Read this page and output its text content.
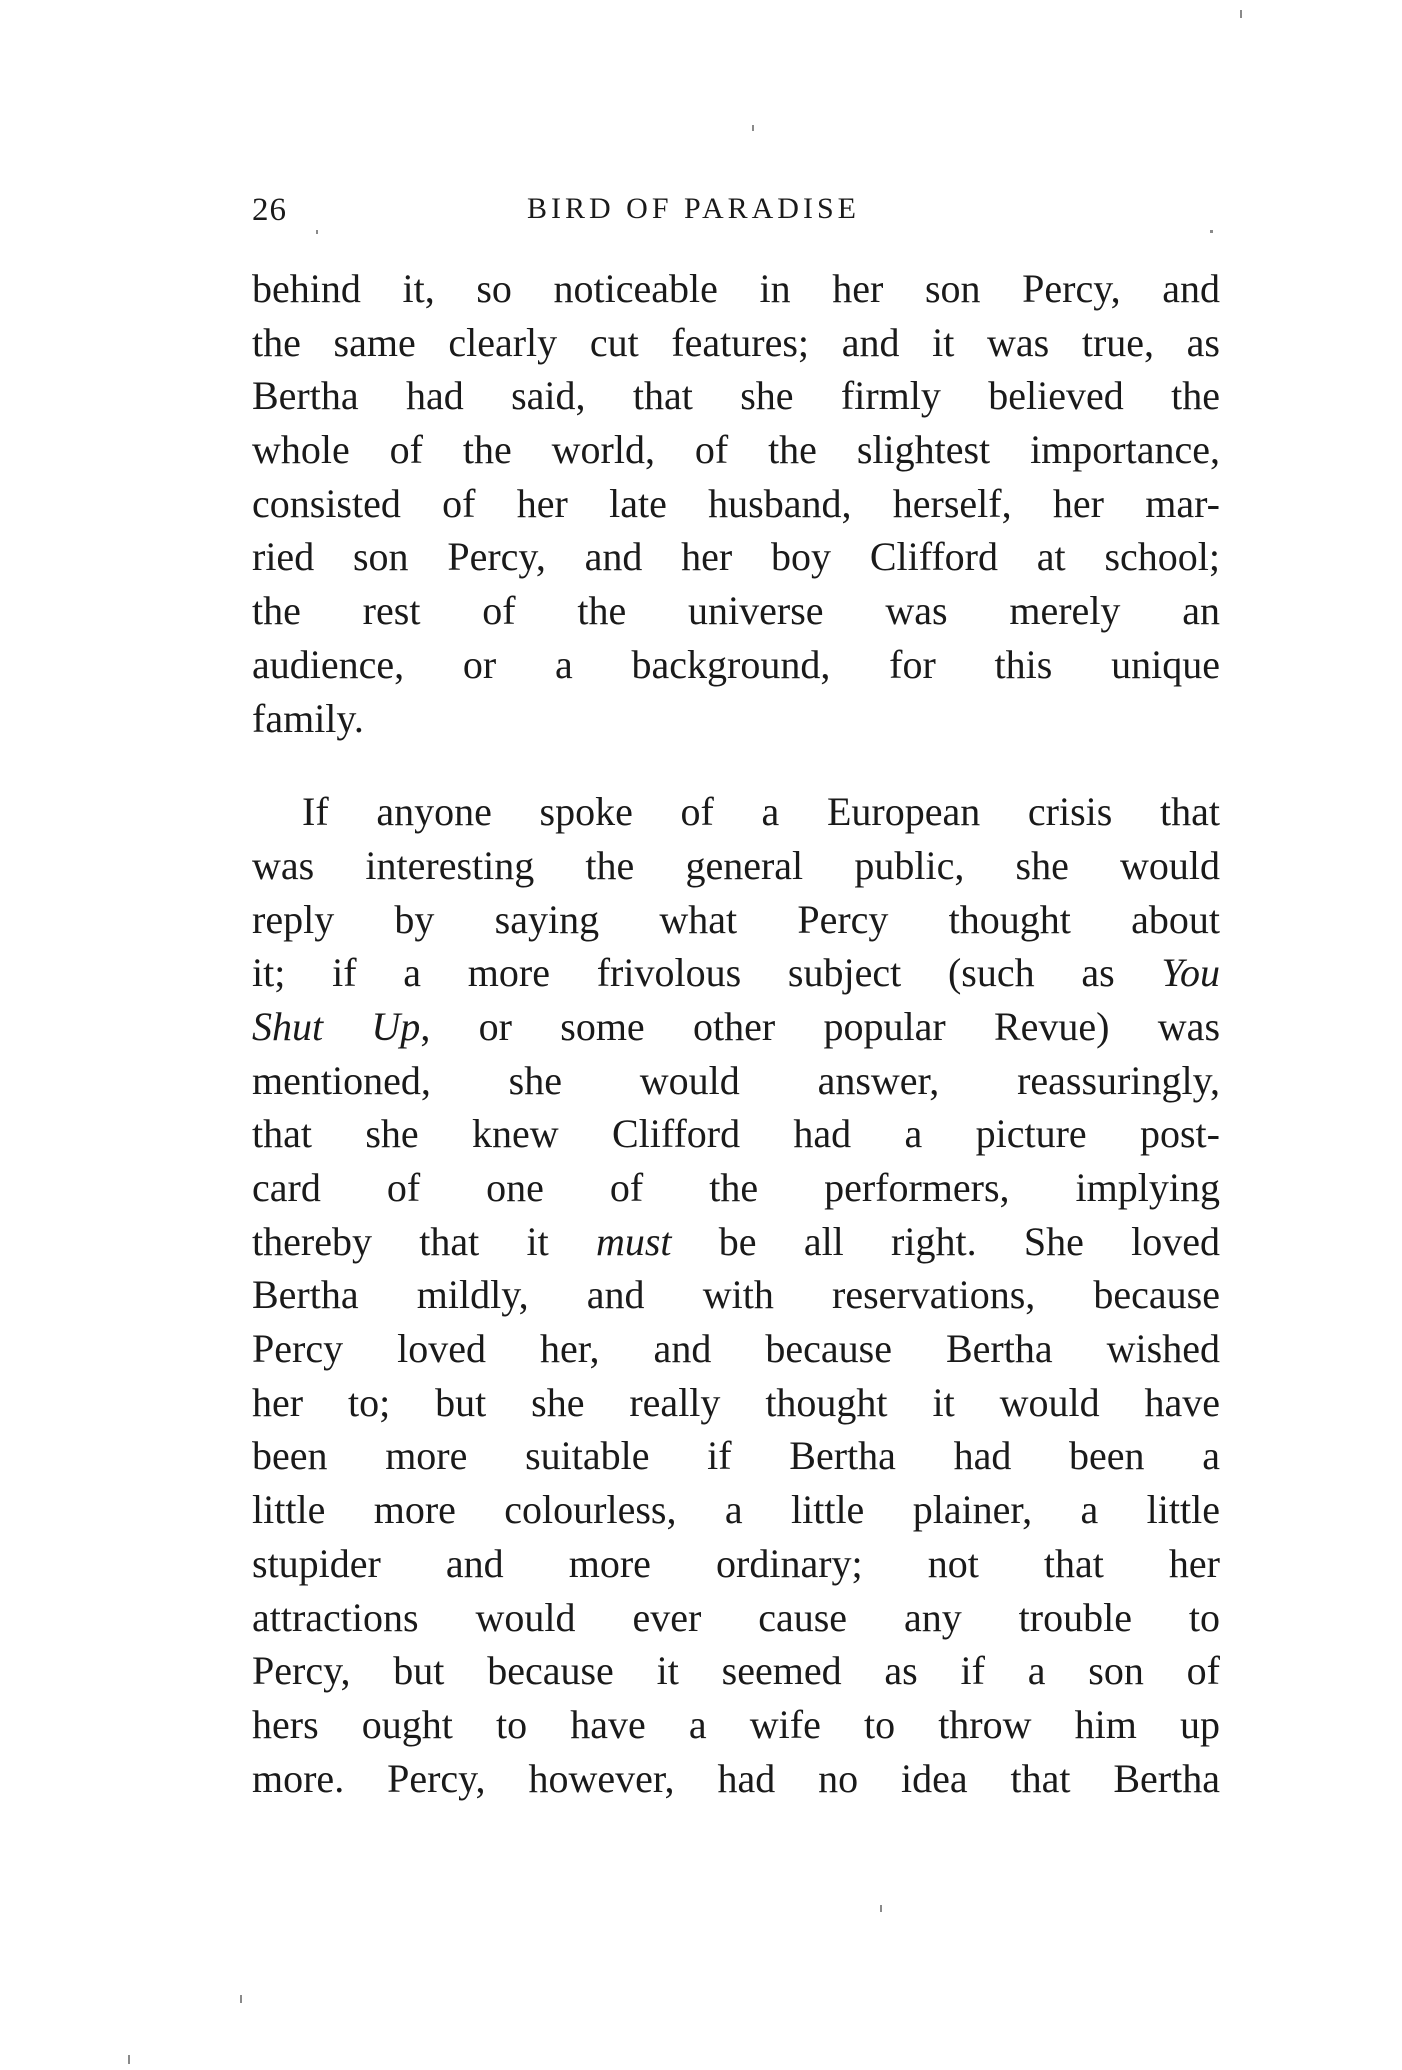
26	BIRD OF PARADISE
behind it, so noticeable in her son Percy, and
the same clearly cut features; and it was true, as
Bertha had said, that she firmly believed the
whole of the world, of the slightest importance,
consisted of her late husband, herself, her mar-
ried son Percy, and her boy Clifford at school;
the rest of the universe was merely an
audience, or a background, for this unique
family.
If anyone spoke of a European crisis that
was interesting the general public, she would
reply by saying what Percy thought about
it; if a more frivolous subject (such as You
Shut Up, or some other popular Revue) was
mentioned, she would answer, reassuringly,
that she knew Clifford had a picture post-
card of one of the performers, implying
thereby that it must be all right. She loved
Bertha mildly, and with reservations, because
Percy loved her, and because Bertha wished
her to; but she really thought it would have
been more suitable if Bertha had been a
little more colourless, a little plainer, a little
stupider and more ordinary; not that her
attractions would ever cause any trouble to
Percy, but because it seemed as if a son of
hers ought to have a wife to throw him up
more. Percy, however, had no idea that Bertha
